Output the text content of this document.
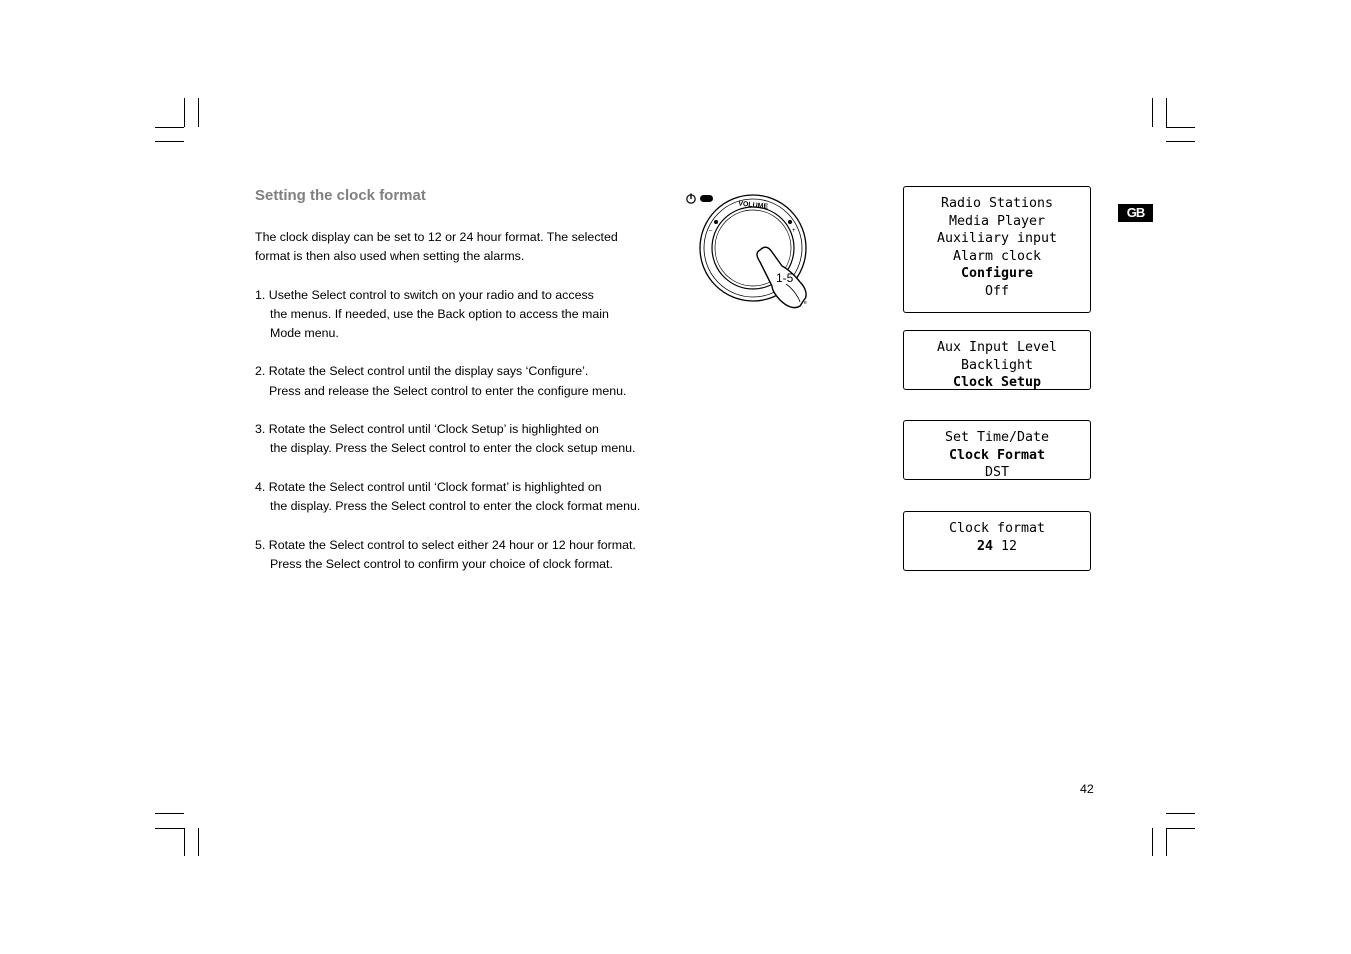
Setting the clock format

The clock display can be set to 12 or 24 hour format. The selected

format is then also used when setting the alarms.

1. Usethe Select control to switch on your radio and to access
the menus. If needed, use the Back option to access the main
Mode menu.
2. Rotate the Select control until the display says ‘Configure’.
Press and release the Select control to enter the configure menu.
3. Rotate the Select control until ‘Clock Setup’ is highlighted on
the display. Press the Select control to enter the clock setup menu.
4. Rotate the Select control until ‘Clock format’ is highlighted on
the display. Press the Select control to enter the clock format menu.
5. Rotate the Select control to select either 24 hour or 12 hour format.
Press the Select control to confirm your choice of clock format.
VOLUME
–	+
e
1-5
Radio Stations
Media Player
Auxiliary input
Alarm clock
Configure
Off
Aux Input Level
Backlight
Clock Setup
Set Time/Date
Clock Format
DST
Clock format
24 12
GB
42
